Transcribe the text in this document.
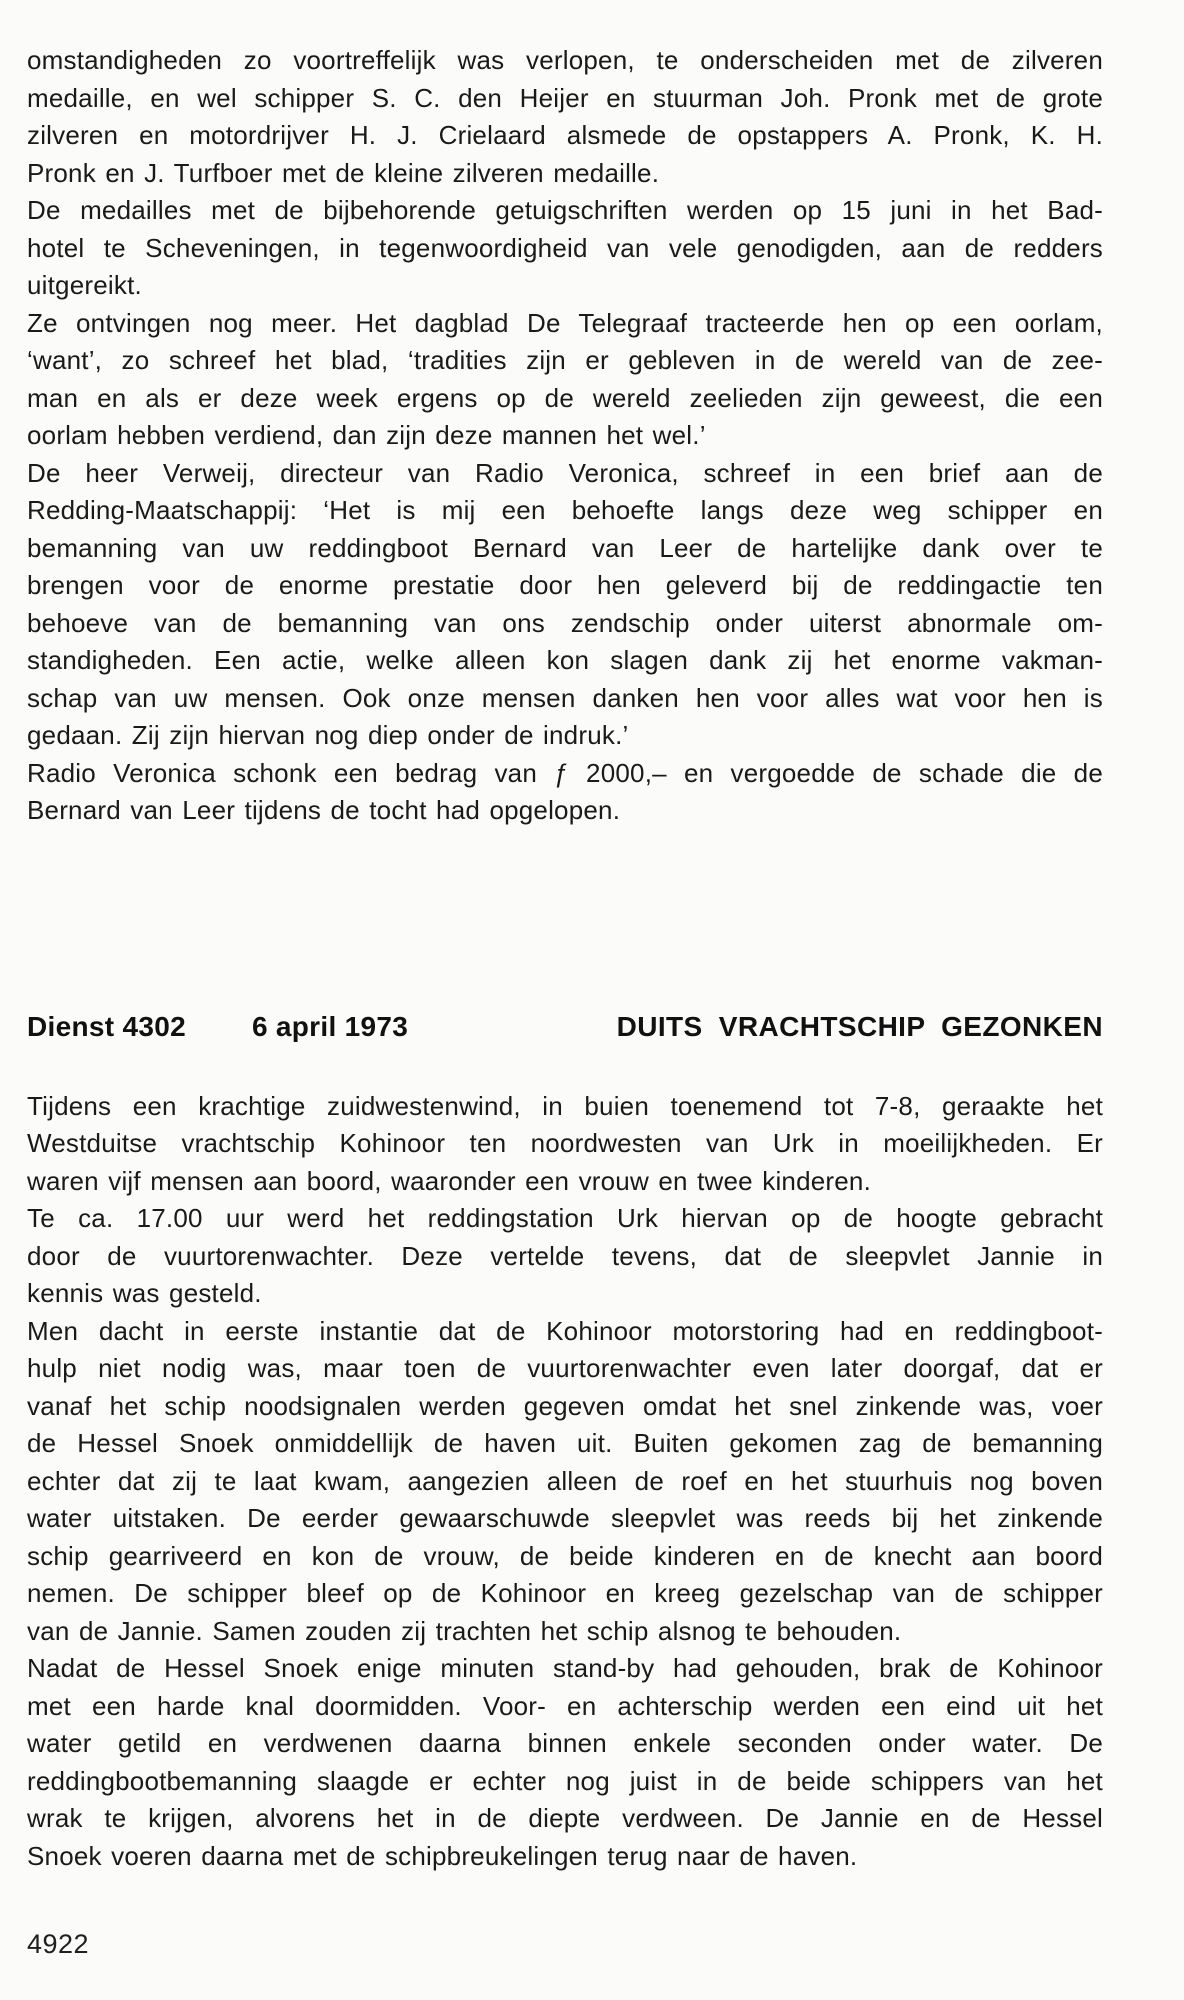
omstandigheden zo voortreffelijk was verlopen, te onderscheiden met de zilveren
medaille, en wel schipper S. C. den Heijer en stuurman Joh. Pronk met de grote
zilveren en motordrijver H. J. Crielaard alsmede de opstappers A. Pronk, K. H.
Pronk en J. Turfboer met de kleine zilveren medaille.
De medailles met de bijbehorende getuigschriften werden op 15 juni in het Bad-
hotel te Scheveningen, in tegenwoordigheid van vele genodigden, aan de redders
uitgereikt.
Ze ontvingen nog meer. Het dagblad De Telegraaf tracteerde hen op een oorlam,
‘want’, zo schreef het blad, ‘tradities zijn er gebleven in de wereld van de zee-
man en als er deze week ergens op de wereld zeelieden zijn geweest, die een
oorlam hebben verdiend, dan zijn deze mannen het wel.’
De heer Verweij, directeur van Radio Veronica, schreef in een brief aan de
Redding-Maatschappij: ‘Het is mij een behoefte langs deze weg schipper en
bemanning van uw reddingboot Bernard van Leer de hartelijke dank over te
brengen voor de enorme prestatie door hen geleverd bij de reddingactie ten
behoeve van de bemanning van ons zendschip onder uiterst abnormale om-
standigheden. Een actie, welke alleen kon slagen dank zij het enorme vakman-
schap van uw mensen. Ook onze mensen danken hen voor alles wat voor hen is
gedaan. Zij zijn hiervan nog diep onder de indruk.’
Radio Veronica schonk een bedrag van ƒ 2000,– en vergoedde de schade die de
Bernard van Leer tijdens de tocht had opgelopen.
Dienst 4302 6 april 1973	DUITS VRACHTSCHIP GEZONKEN
Tijdens een krachtige zuidwestenwind, in buien toenemend tot 7-8, geraakte het
Westduitse vrachtschip Kohinoor ten noordwesten van Urk in moeilijkheden. Er
waren vijf mensen aan boord, waaronder een vrouw en twee kinderen.
Te ca. 17.00 uur werd het reddingstation Urk hiervan op de hoogte gebracht
door de vuurtorenwachter. Deze vertelde tevens, dat de sleepvlet Jannie in
kennis was gesteld.
Men dacht in eerste instantie dat de Kohinoor motorstoring had en reddingboot-
hulp niet nodig was, maar toen de vuurtorenwachter even later doorgaf, dat er
vanaf het schip noodsignalen werden gegeven omdat het snel zinkende was, voer
de Hessel Snoek onmiddellijk de haven uit. Buiten gekomen zag de bemanning
echter dat zij te laat kwam, aangezien alleen de roef en het stuurhuis nog boven
water uitstaken. De eerder gewaarschuwde sleepvlet was reeds bij het zinkende
schip gearriveerd en kon de vrouw, de beide kinderen en de knecht aan boord
nemen. De schipper bleef op de Kohinoor en kreeg gezelschap van de schipper
van de Jannie. Samen zouden zij trachten het schip alsnog te behouden.
Nadat de Hessel Snoek enige minuten stand-by had gehouden, brak de Kohinoor
met een harde knal doormidden. Voor- en achterschip werden een eind uit het
water getild en verdwenen daarna binnen enkele seconden onder water. De
reddingbootbemanning slaagde er echter nog juist in de beide schippers van het
wrak te krijgen, alvorens het in de diepte verdween. De Jannie en de Hessel
Snoek voeren daarna met de schipbreukelingen terug naar de haven.
4922
